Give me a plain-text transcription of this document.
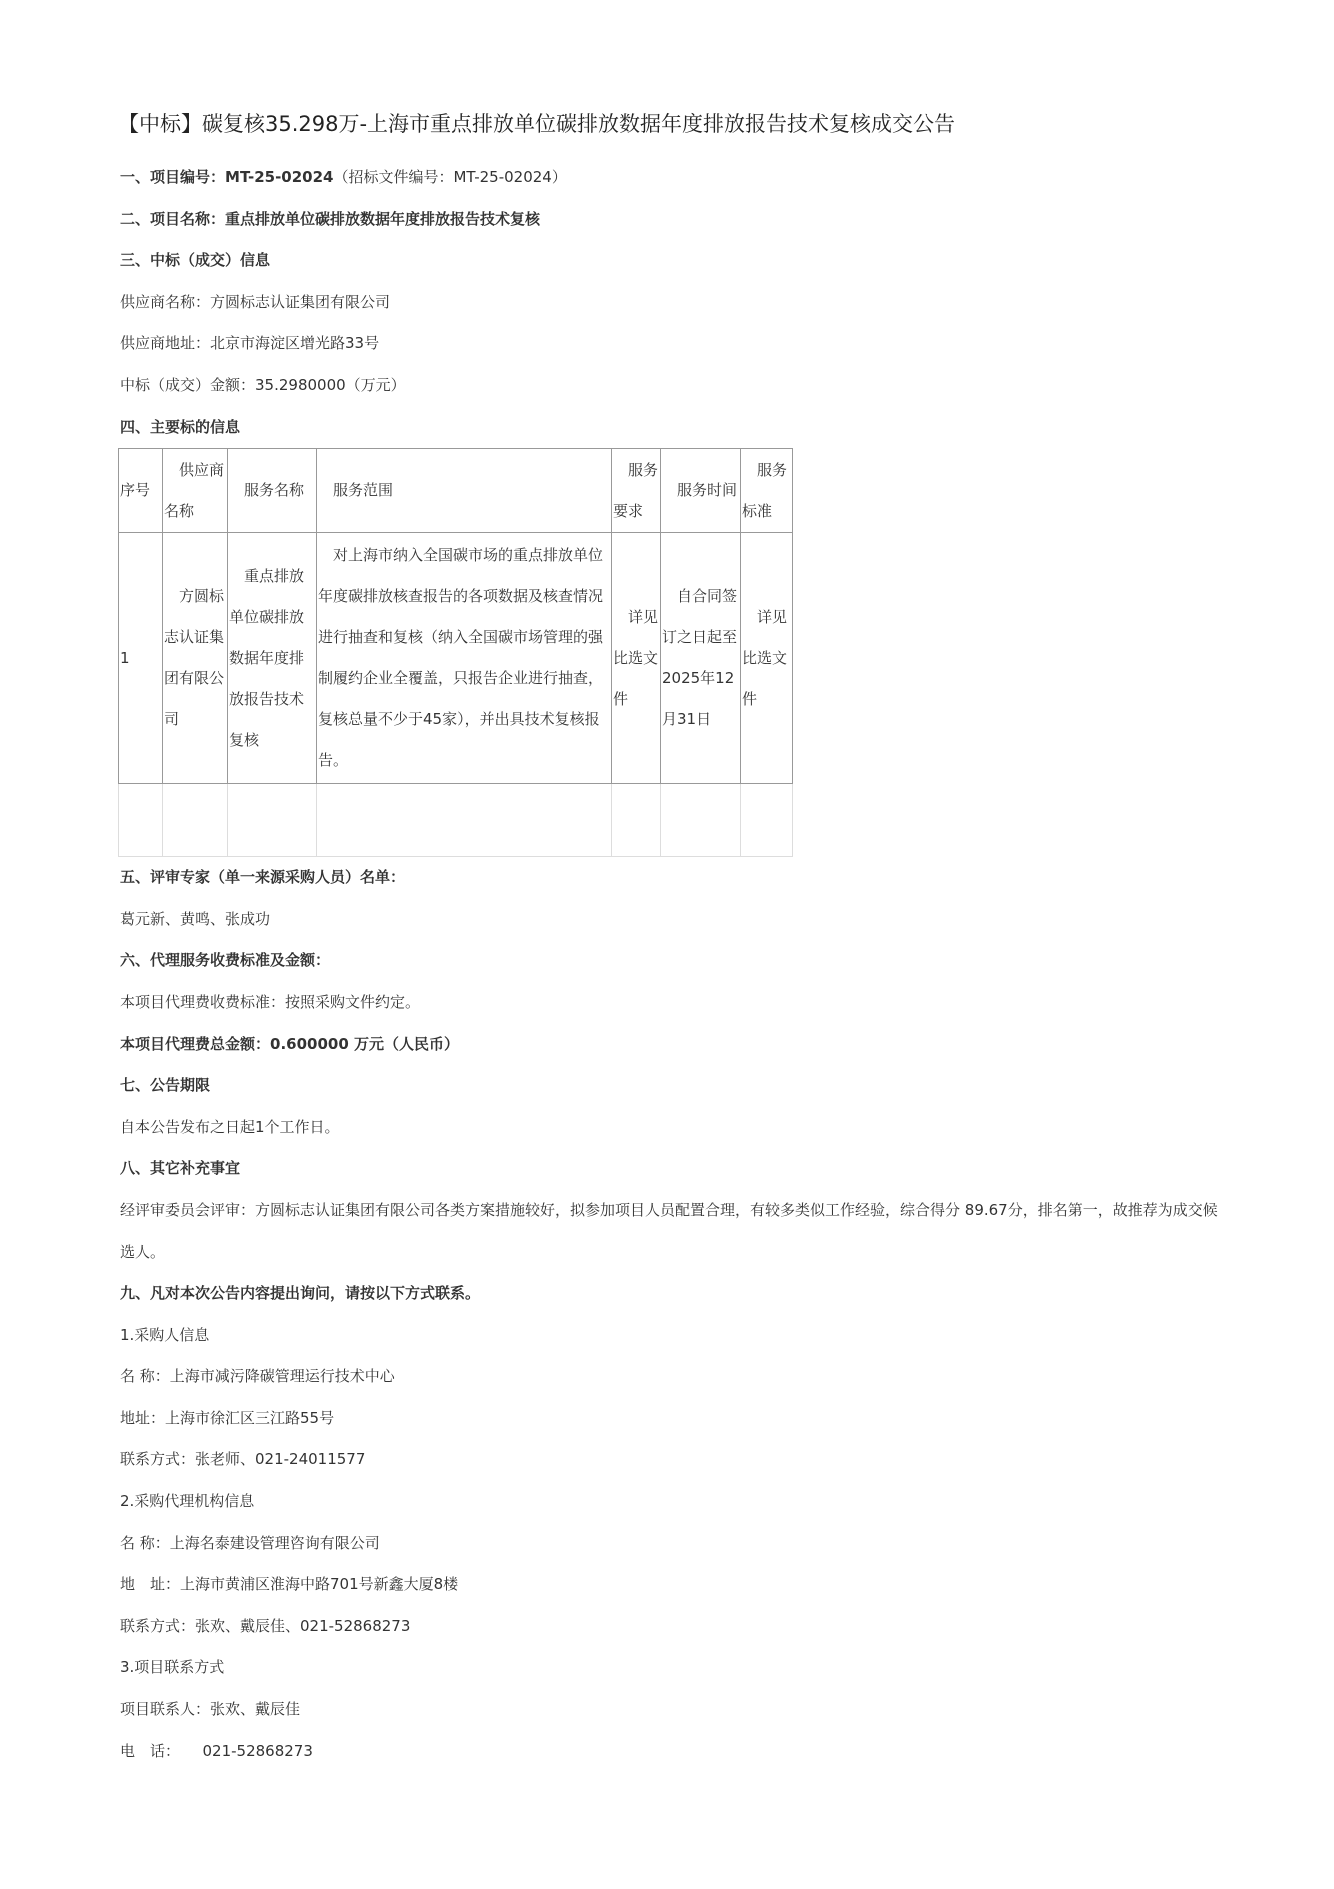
【中标】碳复核35.298万-上海市重点排放单位碳排放数据年度排放报告技术复核成交公告
一、项目编号：MT-25-02024（招标文件编号：MT-25-02024）
二、项目名称：重点排放单位碳排放数据年度排放报告技术复核
三、中标（成交）信息
供应商名称：方圆标志认证集团有限公司
供应商地址：北京市海淀区增光路33号
中标（成交）金额：35.2980000（万元）
四、主要标的信息
序号	供应商名称	服务名称	服务范围	服务要求	服务时间	服务标准
1	方圆标志认证集团有限公司	重点排放单位碳排放数据年度排放报告技术复核	对上海市纳入全国碳市场的重点排放单位年度碳排放核查报告的各项数据及核查情况进行抽查和复核（纳入全国碳市场管理的强制履约企业全覆盖，只报告企业进行抽查，复核总量不少于45家），并出具技术复核报告。	详见比选文件	自合同签订之日起至2025年12月31日	详见比选文件

五、评审专家（单一来源采购人员）名单：
葛元新、黄鸣、张成功
六、代理服务收费标准及金额：
本项目代理费收费标准：按照采购文件约定。
本项目代理费总金额：0.600000 万元（人民币）
七、公告期限
自本公告发布之日起1个工作日。
八、其它补充事宜
经评审委员会评审：方圆标志认证集团有限公司各类方案措施较好，拟参加项目人员配置合理，有较多类似工作经验，综合得分 89.67分，排名第一，故推荐为成交候选人。
九、凡对本次公告内容提出询问，请按以下方式联系。
1.采购人信息
名 称：上海市减污降碳管理运行技术中心
地址：上海市徐汇区三江路55号
联系方式：张老师、021-24011577
2.采购代理机构信息
名 称：上海名泰建设管理咨询有限公司
地　址：上海市黄浦区淮海中路701号新鑫大厦8楼
联系方式：张欢、戴辰佳、021-52868273
3.项目联系方式
项目联系人：张欢、戴辰佳
电　话：　　021-52868273
